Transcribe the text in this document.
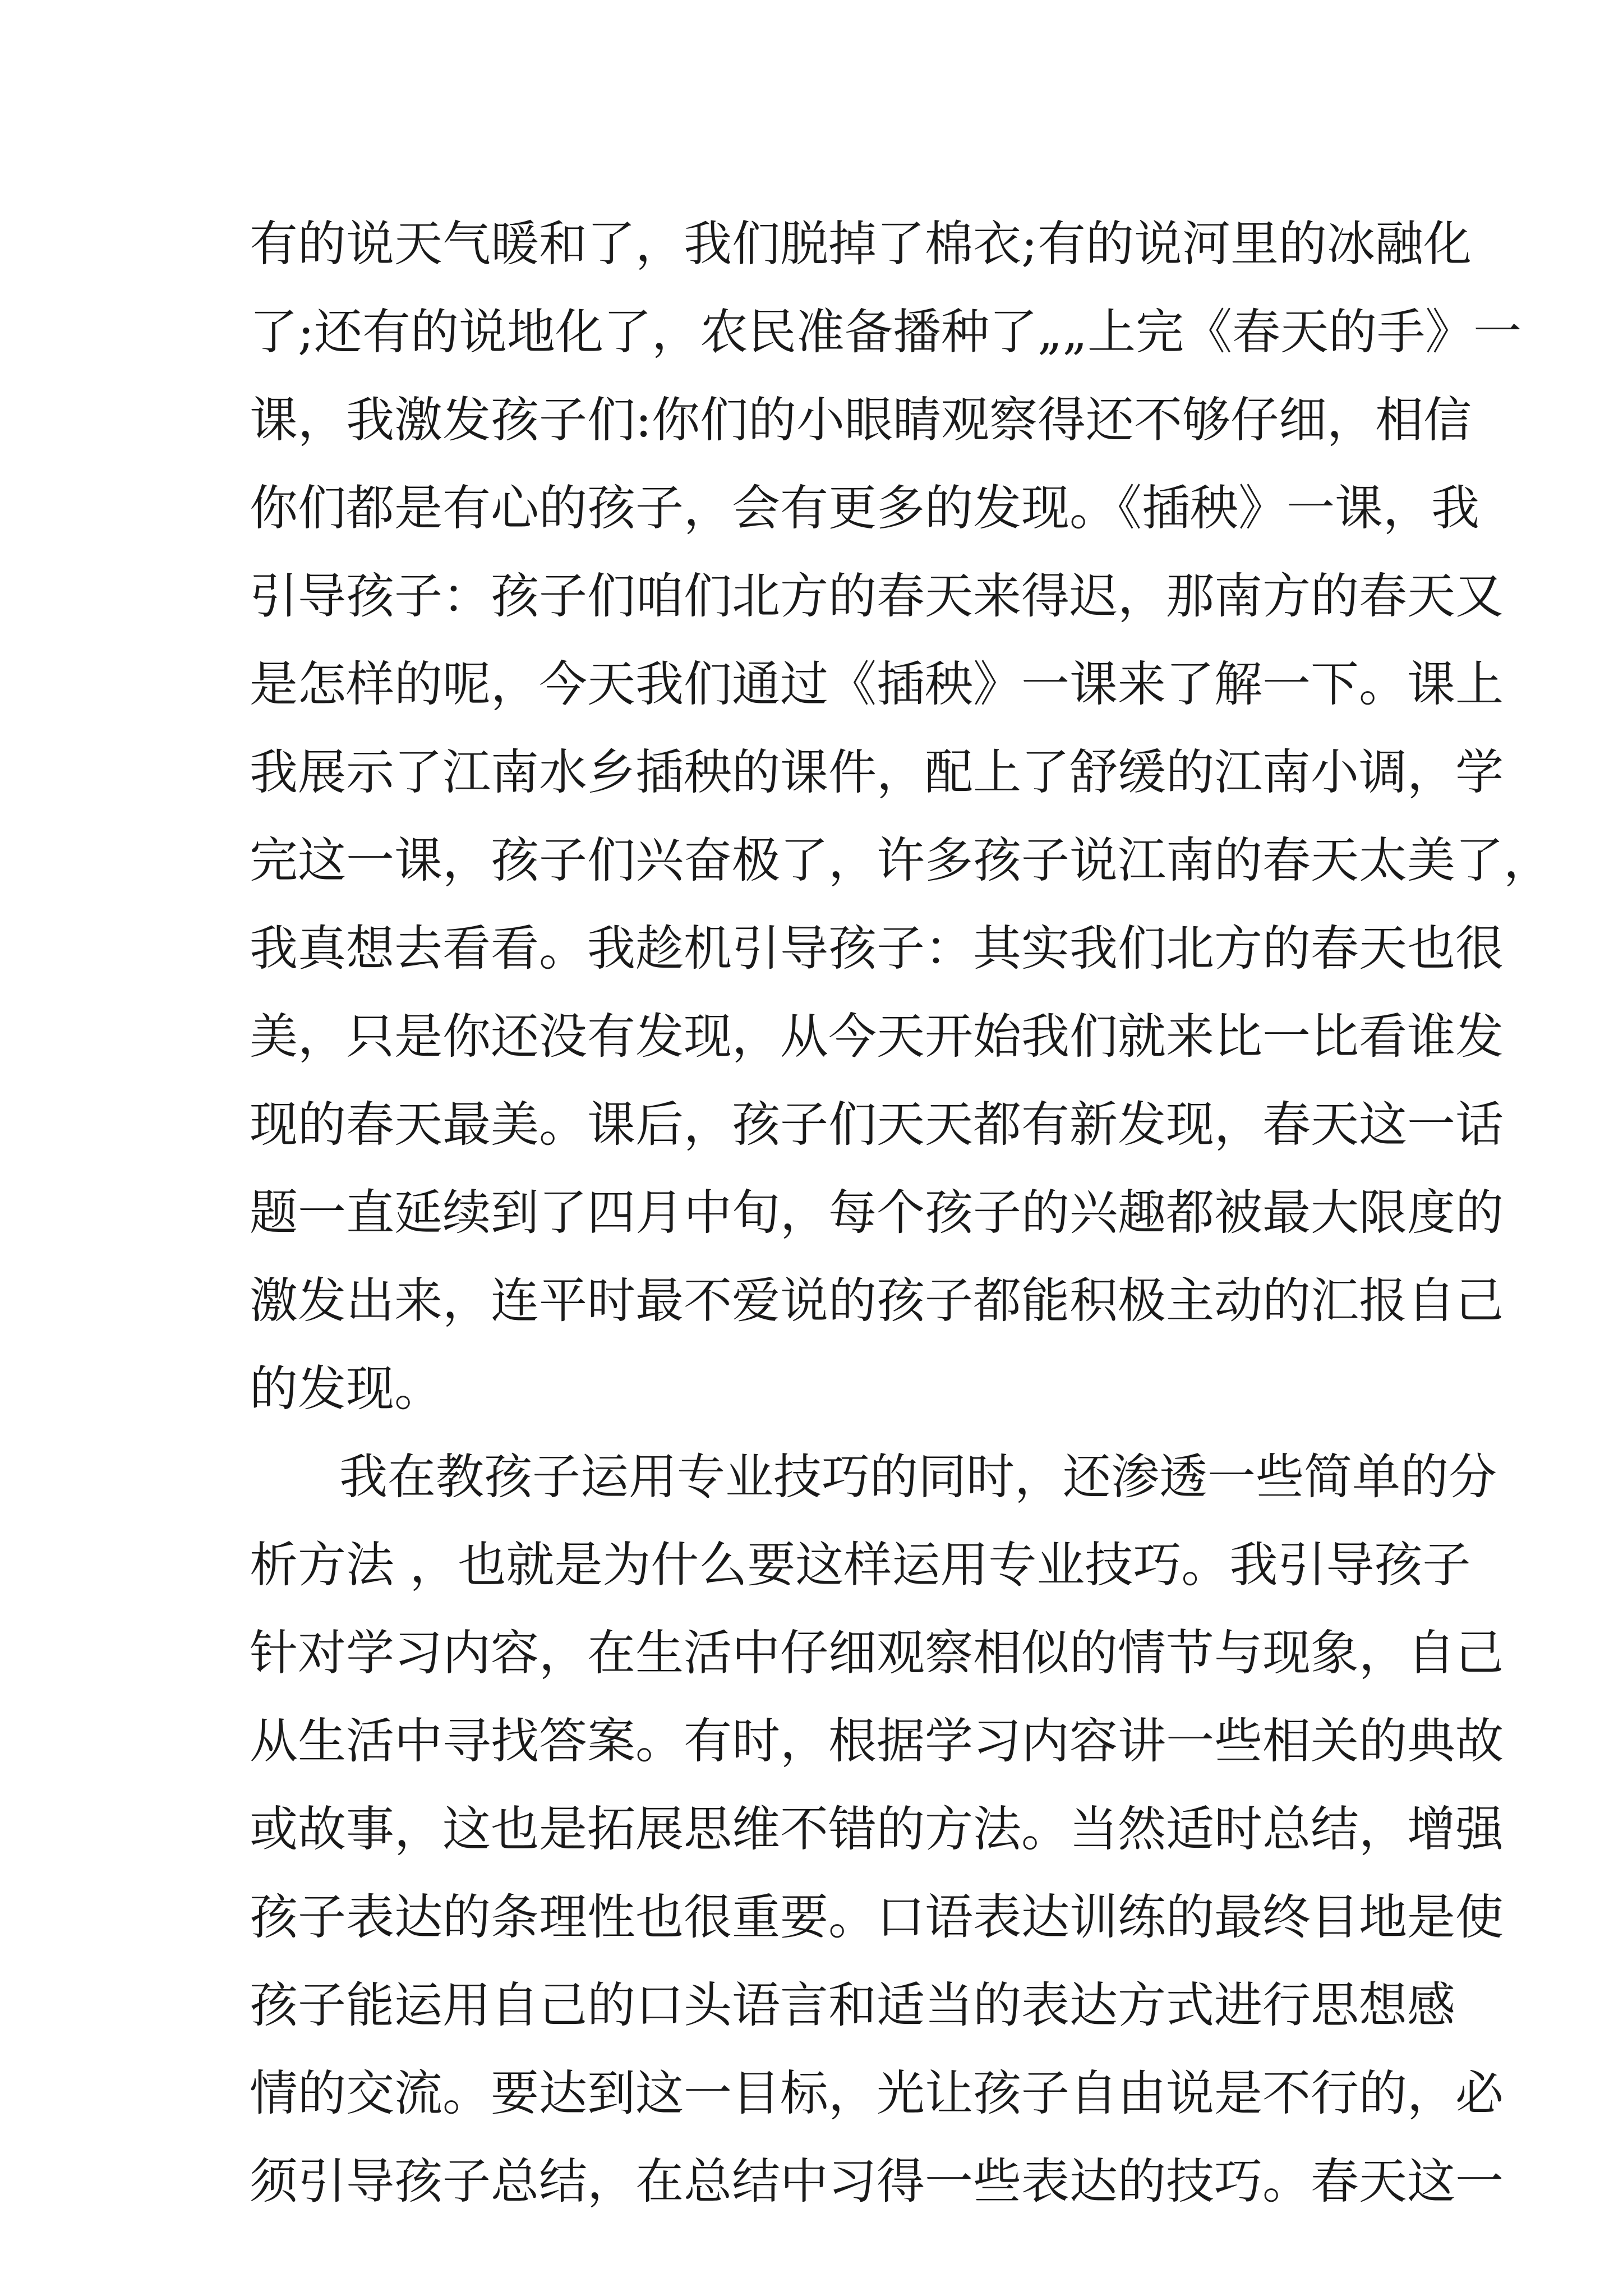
有的说天气暖和了，我们脱掉了棉衣;有的说河里的冰融化
了;还有的说地化了，农民准备播种了„„上完《春天的手》一
课，我激发孩子们:你们的小眼睛观察得还不够仔细，相信
你们都是有心的孩子，会有更多的发现。《插秧》一课，我
引导孩子：孩子们咱们北方的春天来得迟，那南方的春天又
是怎样的呢，今天我们通过《插秧》一课来了解一下。课上
我展示了江南水乡插秧的课件，配上了舒缓的江南小调，学
完这一课，孩子们兴奋极了，许多孩子说江南的春天太美了，
我真想去看看。我趁机引导孩子：其实我们北方的春天也很
美，只是你还没有发现，从今天开始我们就来比一比看谁发
现的春天最美。课后，孩子们天天都有新发现，春天这一话
题一直延续到了四月中旬，每个孩子的兴趣都被最大限度的
激发出来，连平时最不爱说的孩子都能积极主动的汇报自己
的发现。
我在教孩子运用专业技巧的同时，还渗透一些简单的分
析方法 ，也就是为什么要这样运用专业技巧。我引导孩子
针对学习内容，在生活中仔细观察相似的情节与现象，自己
从生活中寻找答案。有时，根据学习内容讲一些相关的典故
或故事，这也是拓展思维不错的方法。当然适时总结，增强
孩子表达的条理性也很重要。口语表达训练的最终目地是使
孩子能运用自己的口头语言和适当的表达方式进行思想感
情的交流。要达到这一目标，光让孩子自由说是不行的，必
须引导孩子总结，在总结中习得一些表达的技巧。春天这一
